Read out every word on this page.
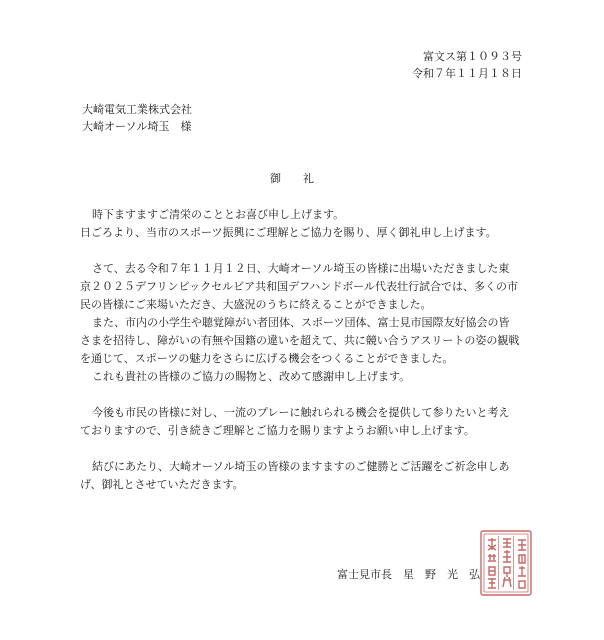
富文ス第１０９３号
令和７年１１月１８日
大崎電気工業株式会社
大崎オーソル埼玉　様
御　　礼
時下ますますご清栄のこととお喜び申し上げます。
日ごろより、当市のスポーツ振興にご理解とご協力を賜り、厚く御礼申し上げます。
さて、去る令和７年１１月１２日、大崎オーソル埼玉の皆様に出場いただきました東
京２０２５デフリンピックセルビア共和国デフハンドボール代表壮行試合では、多くの市
民の皆様にご来場いただき、大盛況のうちに終えることができました。
また、市内の小学生や聴覚障がい者団体、スポーツ団体、富士見市国際友好協会の皆
さまを招待し、障がいの有無や国籍の違いを超えて、共に競い合うアスリートの姿の観戦
を通じて、スポーツの魅力をさらに広げる機会をつくることができました。
これも貴社の皆様のご協力の賜物と、改めて感謝申し上げます。
今後も市民の皆様に対し、一流のプレーに触れられる機会を提供して参りたいと考え
ておりますので、引き続きご理解とご協力を賜りますようお願い申し上げます。
結びにあたり、大崎オーソル埼玉の皆様のますますのご健勝とご活躍をご祈念申しあ
げ、御礼とさせていただきます。
富士見市長　星　野　光　弘
